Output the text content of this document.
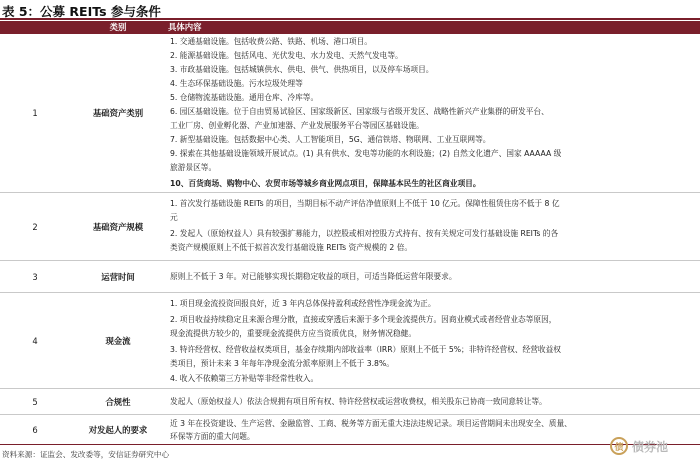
表 5：公募 REITs 参与条件
类别	具体内容
1	基础资产类别
1. 交通基础设施。包括收费公路、铁路、机场、港口项目。
2. 能源基础设施。包括风电、光伏发电、水力发电、天然气发电等。
3. 市政基础设施。包括城镇供水、供电、供气、供热项目，以及停车场项目。
4. 生态环保基础设施。污水垃圾处理等
5. 仓储物流基础设施。通用仓库、冷库等。
6. 园区基础设施。位于自由贸易试验区、国家级新区、国家级与省级开发区、战略性新兴产业集群的研发平台、
工业厂房、创业孵化器、产业加速器、产业发展服务平台等园区基础设施。
7. 新型基础设施。包括数据中心类、人工智能项目，5G、通信铁塔、物联网、工业互联网等。
9. 探索在其他基础设施领域开展试点。(1) 具有供水、发电等功能的水利设施；(2) 自然文化遗产、国家 AAAAA 级
旅游景区等。
10、百货商场、购物中心、农贸市场等城乡商业网点项目，保障基本民生的社区商业项目。
2	基础资产规模
1. 首次发行基础设施 REITs 的项目，当期目标不动产评估净值原则上不低于 10 亿元。保障性租赁住房不低于 8 亿
元
2. 发起人（原始权益人）具有较强扩募能力，以控股或相对控股方式持有、按有关规定可发行基础设施 REITs 的各
类资产规模原则上不低于拟首次发行基础设施 REITs 资产规模的 2 倍。
3	运营时间	原则上不低于 3 年。对已能够实现长期稳定收益的项目，可适当降低运营年限要求。
4	现金流
1. 项目现金流投资回报良好，近 3 年内总体保持盈利或经营性净现金流为正。
2. 项目收益持续稳定且来源合理分散，直接或穿透后来源于多个现金流提供方。因商业模式或者经营业态等原因，
现金流提供方较少的，重要现金流提供方应当资质优良，财务情况稳健。
3. 特许经营权、经营收益权类项目，基金存续期内部收益率（IRR）原则上不低于 5%；非特许经营权、经营收益权
类项目，预计未来 3 年每年净现金流分派率原则上不低于 3.8%。
4. 收入不依赖第三方补贴等非经常性收入。
5	合规性	发起人（原始权益人）依法合规拥有项目所有权、特许经营权或运营收费权，相关股东已协商一致同意转让等。
6	对发起人的要求
近 3 年在投资建设、生产运营、金融监管、工商、税务等方面无重大违法违规记录。项目运营期间未出现安全、质量、
环保等方面的重大问题。
资料来源：证监会、发改委等，安信证券研究中心
债 债券池
